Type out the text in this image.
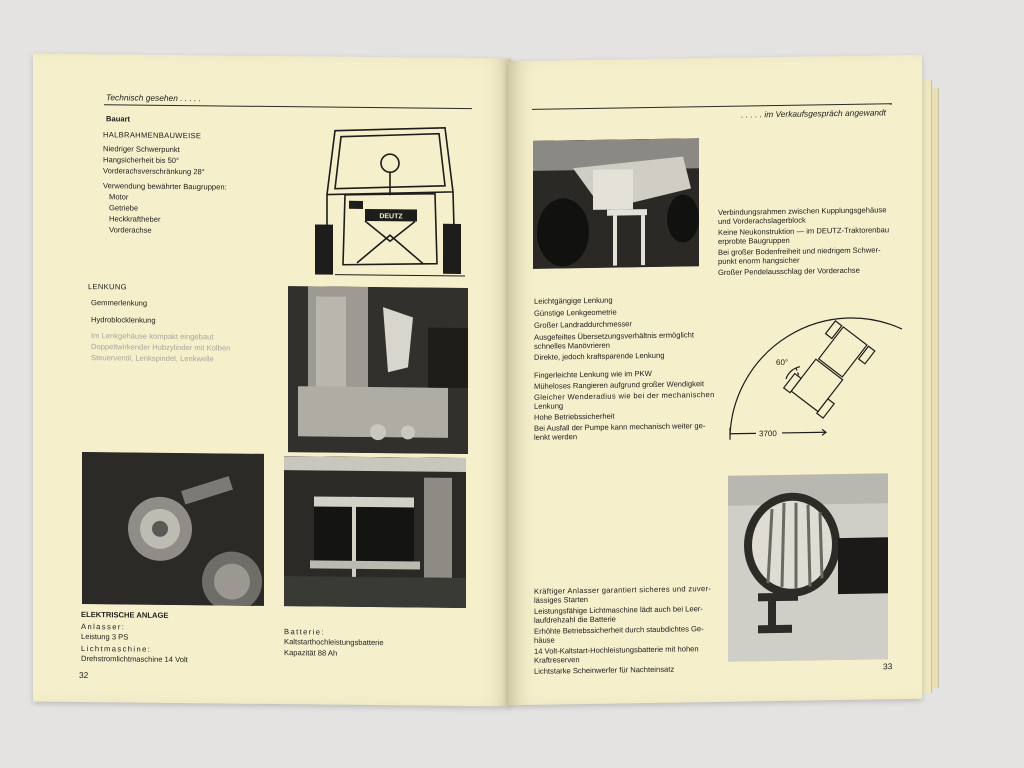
Technisch gesehen . . . . .
Bauart
HALBRAHMENBAUWEISE
Niedriger Schwerpunkt
Hangsicherheit bis 50°
Vorderachsverschränkung 28°
Verwendung bewährter Baugruppen:
Motor
Getriebe
Heckkraftheber
Vorderachse
DEUTZ
LENKUNG
Gemmerlenkung
Hydroblocklenkung
Im Lenkgehäuse kompakt eingebaut
Doppeltwirkender Hubzylinder mit Kolben
Steuerventil, Lenkspindel, Lenkwelle
ELEKTRISCHE ANLAGE
Anlasser:
Leistung 3 PS
Lichtmaschine:
Drehstromlichtmaschine 14 Volt
Batterie:
Kaltstarthochleistungsbatterie
Kapazität 88 Ah
32
. . . . . im Verkaufsgespräch angewandt
Verbindungsrahmen zwischen Kupplungsgehäuse
und Vorderachslagerblock
Keine Neukonstruktion — im DEUTZ-Traktorenbau
erprobte Baugruppen
Bei großer Bodenfreiheit und niedrigem Schwer-
punkt enorm hangsicher
Großer Pendelausschlag der Vorderachse
Leichtgängige Lenkung
Günstige Lenkgeometrie
Großer Landraddurchmesser
Ausgefeiltes Übersetzungsverhältnis ermöglicht
schnelles Manövrieren
Direkte, jedoch kraftsparende Lenkung
Fingerleichte Lenkung wie im PKW
Müheloses Rangieren aufgrund großer Wendigkeit
Gleicher Wenderadius wie bei der mechanischen
Lenkung
Hohe Betriebssicherheit
Bei Ausfall der Pumpe kann mechanisch weiter ge-
lenkt werden
60°
3700
Kräftiger Anlasser garantiert sicheres und zuver-
lässiges Starten
Leistungsfähige Lichtmaschine lädt auch bei Leer-
laufdrehzahl die Batterie
Erhöhte Betriebssicherheit durch staubdichtes Ge-
häuse
14 Volt-Kaltstart-Hochleistungsbatterie mit hohen
Kraftreserven
Lichtstarke Scheinwerfer für Nachteinsatz	33
